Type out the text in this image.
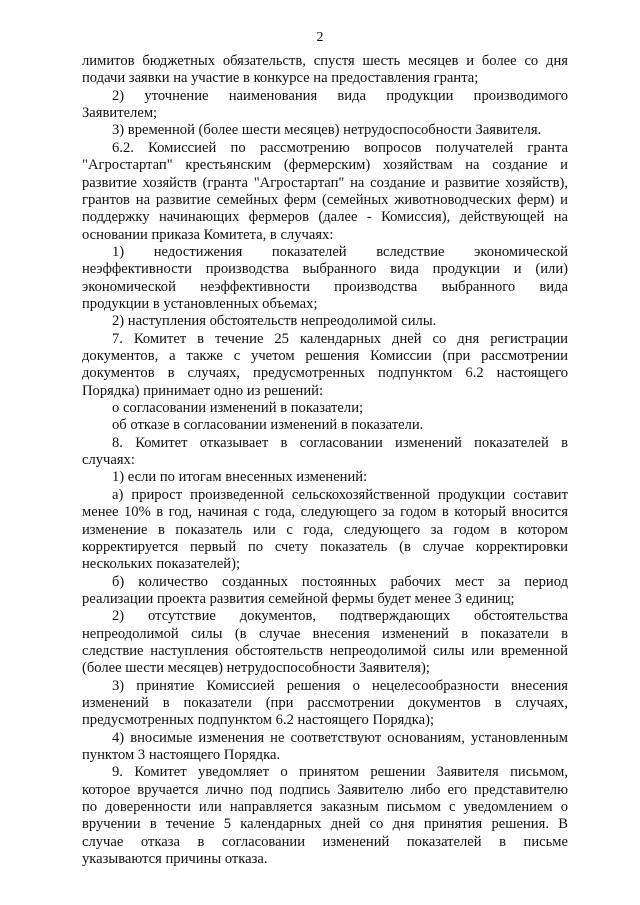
2
лимитов бюджетных обязательств, спустя шесть месяцев и более со дня
подачи заявки на участие в конкурсе на предоставления гранта;
2) уточнение наименования вида продукции производимого
Заявителем;
3) временной (более шести месяцев) нетрудоспособности Заявителя.
6.2. Комиссией по рассмотрению вопросов получателей гранта
"Агростартап" крестьянским (фермерским) хозяйствам на создание и
развитие хозяйств (гранта "Агростартап" на создание и развитие хозяйств),
грантов на развитие семейных ферм (семейных животноводческих ферм) и
поддержку начинающих фермеров (далее - Комиссия), действующей на
основании приказа Комитета, в случаях:
1) недостижения показателей вследствие экономической
неэффективности производства выбранного вида продукции и (или)
экономической неэффективности производства выбранного вида
продукции в установленных объемах;
2) наступления обстоятельств непреодолимой силы.
7. Комитет в течение 25 календарных дней со дня регистрации
документов, а также с учетом решения Комиссии (при рассмотрении
документов в случаях, предусмотренных подпунктом 6.2 настоящего
Порядка) принимает одно из решений:
о согласовании изменений в показатели;
об отказе в согласовании изменений в показатели.
8. Комитет отказывает в согласовании изменений показателей в
случаях:
1) если по итогам внесенных изменений:
а) прирост произведенной сельскохозяйственной продукции составит
менее 10% в год, начиная с года, следующего за годом в который вносится
изменение в показатель или с года, следующего за годом в котором
корректируется первый по счету показатель (в случае корректировки
нескольких показателей);
б) количество созданных постоянных рабочих мест за период
реализации проекта развития семейной фермы будет менее 3 единиц;
2) отсутствие документов, подтверждающих обстоятельства
непреодолимой силы (в случае внесения изменений в показатели в
следствие наступления обстоятельств непреодолимой силы или временной
(более шести месяцев) нетрудоспособности Заявителя);
3) принятие Комиссией решения о нецелесообразности внесения
изменений в показатели (при рассмотрении документов в случаях,
предусмотренных подпунктом 6.2 настоящего Порядка);
4) вносимые изменения не соответствуют основаниям, установленным
пунктом 3 настоящего Порядка.
9. Комитет уведомляет о принятом решении Заявителя письмом,
которое вручается лично под подпись Заявителю либо его представителю
по доверенности или направляется заказным письмом с уведомлением о
вручении в течение 5 календарных дней со дня принятия решения. В
случае отказа в согласовании изменений показателей в письме
указываются причины отказа.
